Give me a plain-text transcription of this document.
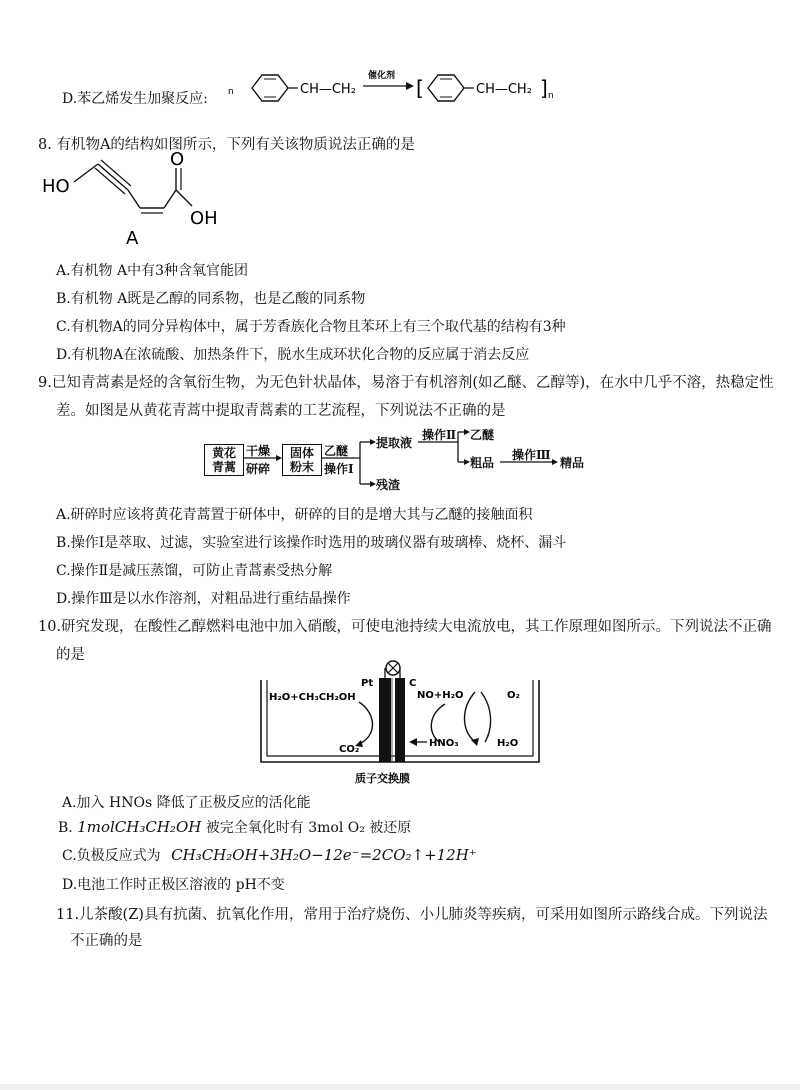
D.苯乙烯发生加聚反应: n	CH—CH₂
催化剂 [	CH—CH₂ ] n
8. 有机物A的结构如图所示，下列有关该物质说法正确的是
HO
O
OH
A
A.有机物 A中有3种含氧官能团
B.有机物 A既是乙醇的同系物，也是乙酸的同系物
C.有机物A的同分异构体中，属于芳香族化合物且苯环上有三个取代基的结构有3种
D.有机物A在浓硫酸、加热条件下，脱水生成环状化合物的反应属于消去反应
9.已知青蒿素是烃的含氧衍生物，为无色针状晶体，易溶于有机溶剂(如乙醚、乙醇等)，在水中几乎不溶，热稳定性
差。如图是从黄花青蒿中提取青蒿素的工艺流程，下列说法不正确的是
黄花
青蒿
干燥
研碎
固体
粉末
乙醚
操作Ⅰ
提取液
残渣
操作Ⅱ 乙醚
粗品
操作Ⅲ
精品
A.研碎时应该将黄花青蒿置于研体中，研碎的目的是增大其与乙醚的接触面积
B.操作Ⅰ是萃取、过滤，实验室进行该操作时选用的玻璃仪器有玻璃棒、烧杯、漏斗
C.操作Ⅱ是减压蒸馏，可防止青蒿素受热分解
D.操作Ⅲ是以水作溶剂，对粗品进行重结晶操作
10.研究发现，在酸性乙醇燃料电池中加入硝酸，可使电池持续大电流放电，其工作原理如图所示。下列说法不正确
的是
Pt	C
H₂O+CH₃CH₂OH
CO₂
NO+H₂O	O₂
HNO₃	H₂O
质子交换膜
A.加入 HNOs 降低了正极反应的活化能
B. 1molCH₃CH₂OH 被完全氧化时有 3mol O₂ 被还原
C.负极反应式为 CH₃CH₂OH+3H₂O−12e⁻=2CO₂↑+12H⁺
D.电池工作时正极区溶液的 pH不变
11.儿茶酸(Z)具有抗菌、抗氧化作用，常用于治疗烧伤、小儿肺炎等疾病，可采用如图所示路线合成。下列说法
不正确的是
